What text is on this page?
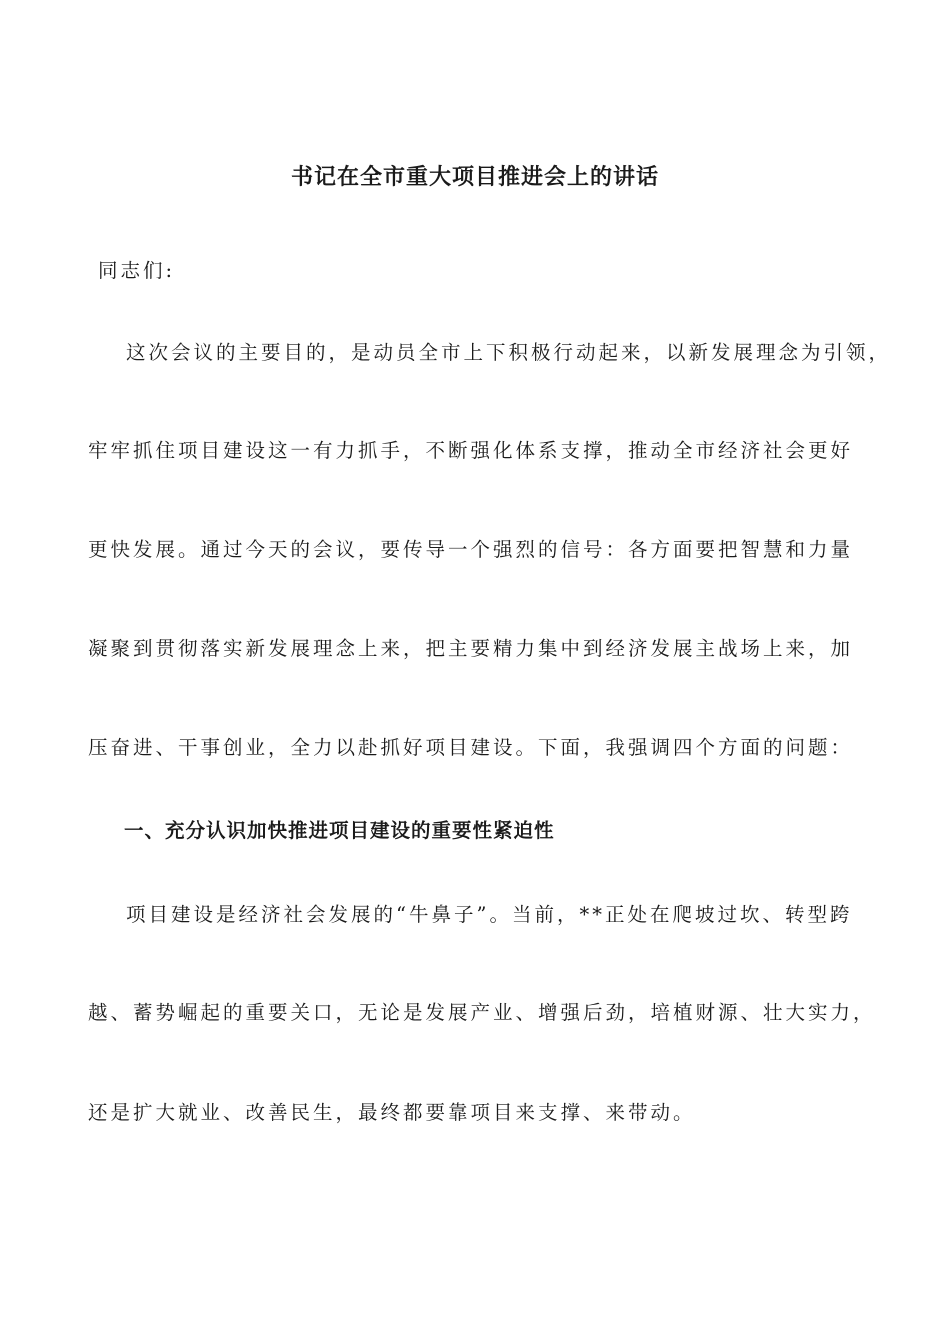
书记在全市重大项目推进会上的讲话
同志们:
这次会议的主要目的，是动员全市上下积极行动起来，以新发展理念为引领，
牢牢抓住项目建设这一有力抓手，不断强化体系支撑，推动全市经济社会更好
更快发展。通过今天的会议，要传导一个强烈的信号：各方面要把智慧和力量
凝聚到贯彻落实新发展理念上来，把主要精力集中到经济发展主战场上来，加
压奋进、干事创业，全力以赴抓好项目建设。下面，我强调四个方面的问题：
一、充分认识加快推进项目建设的重要性紧迫性
项目建设是经济社会发展的“牛鼻子”。当前，**正处在爬坡过坎、转型跨
越、蓄势崛起的重要关口，无论是发展产业、增强后劲，培植财源、壮大实力，
还是扩大就业、改善民生，最终都要靠项目来支撑、来带动。
